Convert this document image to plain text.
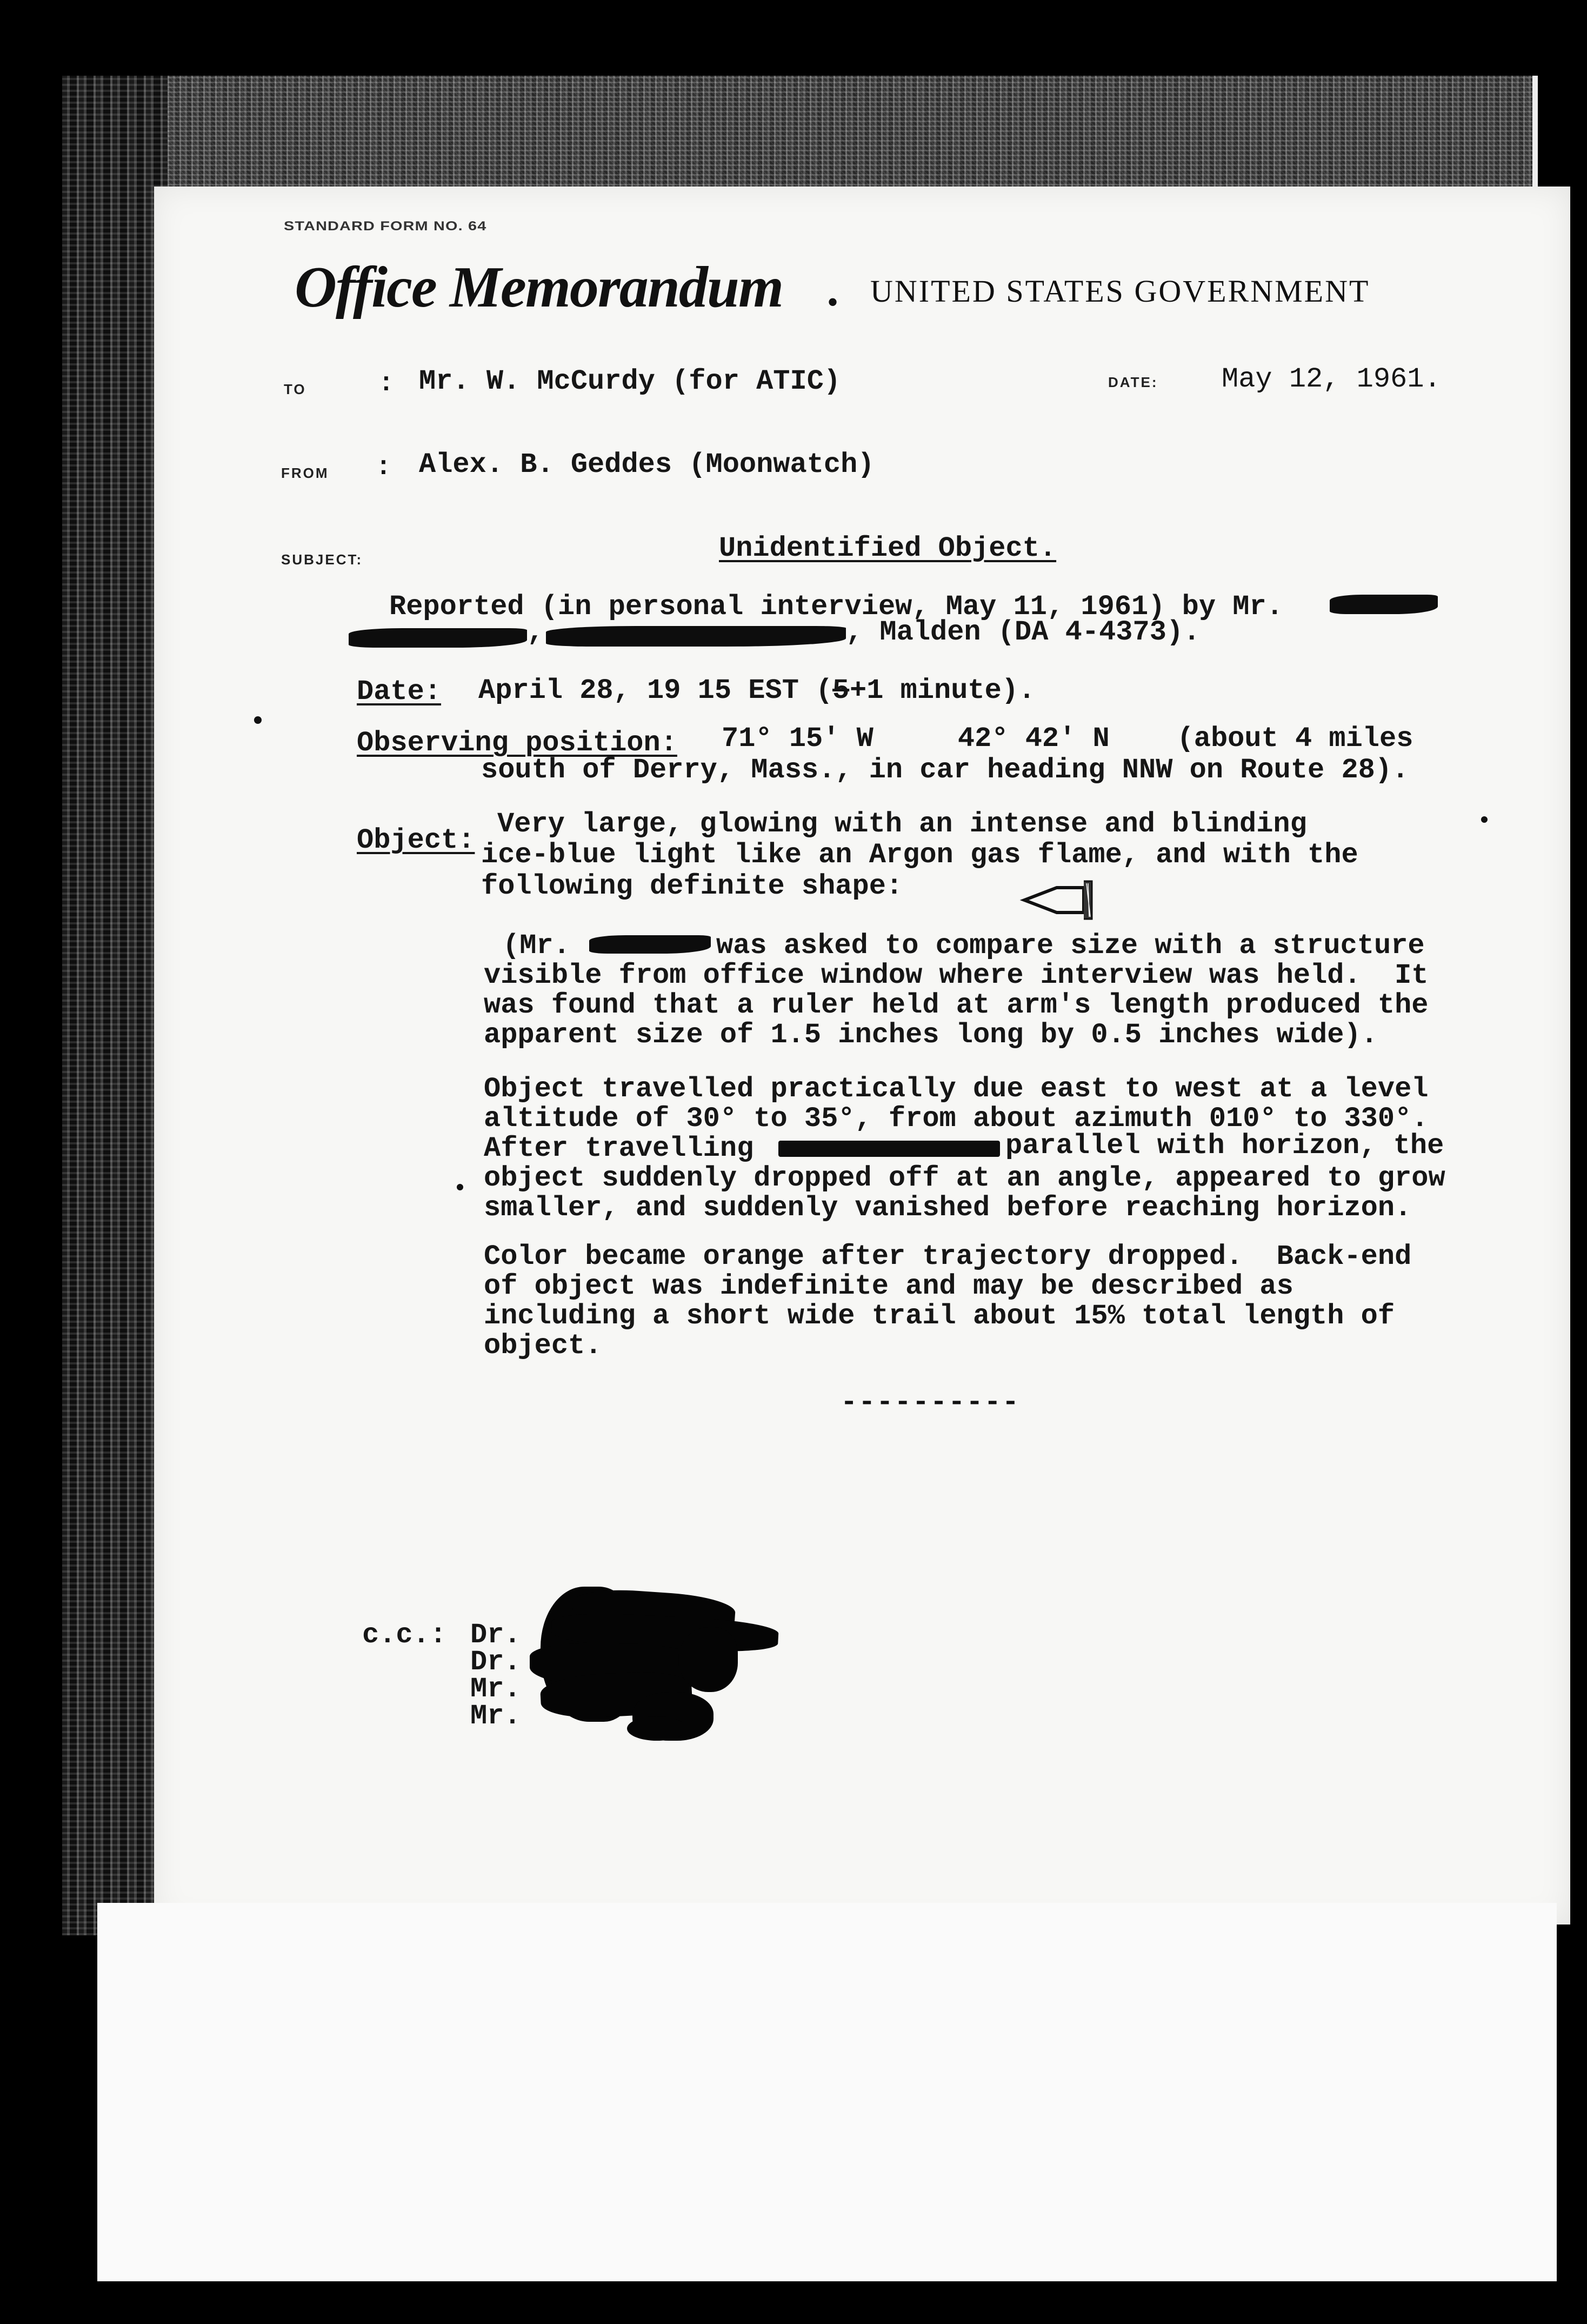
STANDARD FORM NO. 64
Office Memorandum • UNITED STATES GOVERNMENT
TO	: Mr. W. McCurdy (for ATIC)	DATE: May 12, 1961.
FROM : Alex. B. Geddes (Moonwatch)
SUBJECT:	Unidentified Object.
Reported (in personal interview, May 11, 1961) by Mr.
,	, Malden (DA 4-4373).
Date: April 28, 19 15 EST ( 5 +1 minute).
Observing position: 71° 15' W     42° 42' N    (about 4 miles
south of Derry, Mass., in car heading NNW on Route 28).
Object:
Very large, glowing with an intense and blinding
ice-blue light like an Argon gas flame, and with the
following definite shape:
(Mr.	was asked to compare size with a structure
visible from office window where interview was held.  It
was found that a ruler held at arm's length produced the
apparent size of 1.5 inches long by 0.5 inches wide).
Object travelled practically due east to west at a level
altitude of 30° to 35°, from about azimuth 010° to 330°.
After travelling	parallel with horizon, the
object suddenly dropped off at an angle, appeared to grow
smaller, and suddenly vanished before reaching horizon.
Color became orange after trajectory dropped.  Back-end
of object was indefinite and may be described as
including a short wide trail about 15% total length of
object.
----------
c.c.: Dr.
Dr.
Mr.
Mr.
